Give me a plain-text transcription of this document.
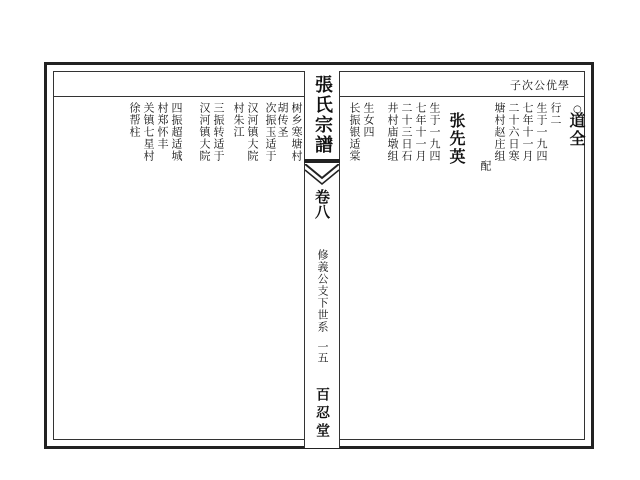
子次公优學
張氏宗譜
卷八
修義公支下世系
一五
百忍堂
○
道全
行二
生于一九四
七年十一月
二十六日寒
塘村赵庄组
配
张先英
生于一九四
七年十一月
二十三日石
井村庙墩组
生女四
长振银适棠
树乡寒塘村
次振玉适于 胡传圣
村朱江 汉河镇大院
三振转适于
汉河镇大院
四振超适城
村郑怀丰
徐帮柱 关镇七星村
